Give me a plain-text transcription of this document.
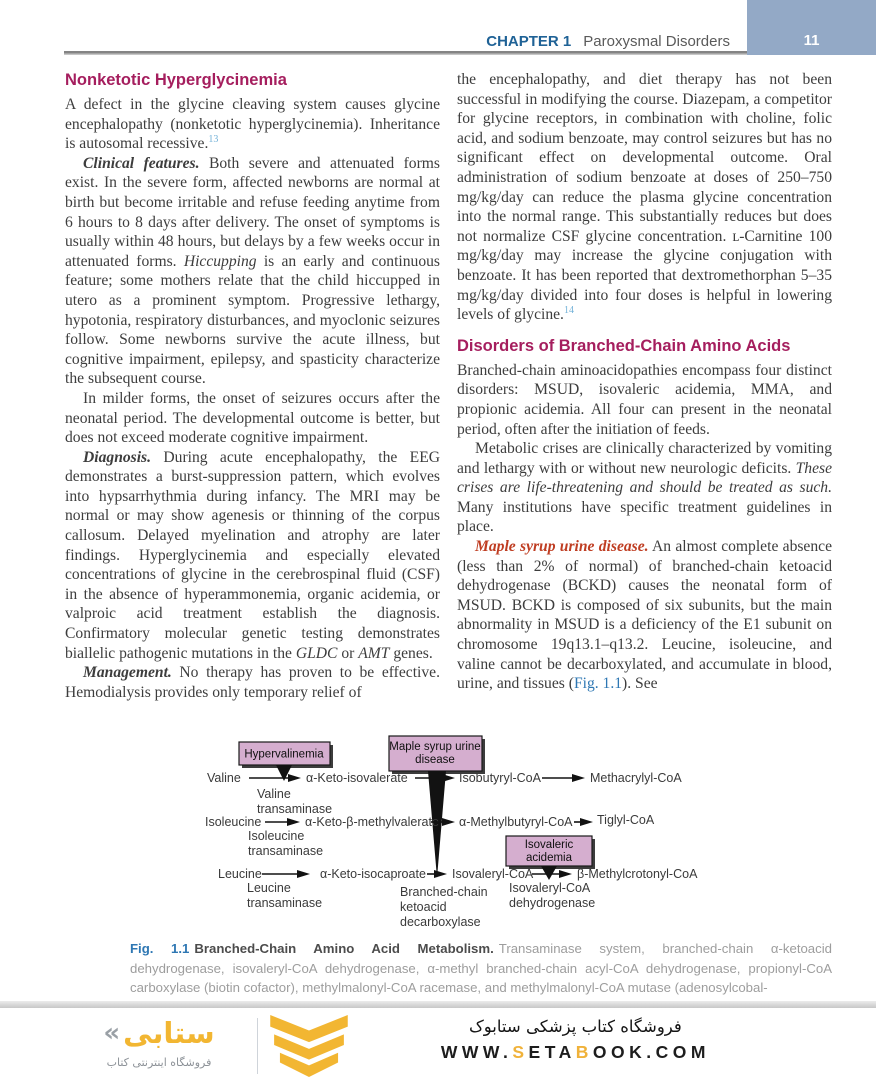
CHAPTER 1 Paroxysmal Disorders	11
Nonketotic Hyperglycinemia

A defect in the glycine cleaving system causes glycine encephalopathy (nonketotic hyperglycinemia). Inheritance is autosomal recessive.$^{13}$

Clinical features. Both severe and attenuated forms exist. In the severe form, affected newborns are normal at birth but become irritable and refuse feeding anytime from 6 hours to 8 days after delivery. The onset of symptoms is usually within 48 hours, but delays by a few weeks occur in attenuated forms. Hiccupping is an early and continuous feature; some mothers relate that the child hiccupped in utero as a prominent symptom. Progressive lethargy, hypotonia, respiratory disturbances, and myoclonic seizures follow. Some newborns survive the acute illness, but cognitive impairment, epilepsy, and spasticity characterize the subsequent course.

In milder forms, the onset of seizures occurs after the neonatal period. The developmental outcome is better, but does not exceed moderate cognitive impairment.

Diagnosis. During acute encephalopathy, the EEG demonstrates a burst-suppression pattern, which evolves into hypsarrhythmia during infancy. The MRI may be normal or may show agenesis or thinning of the corpus callosum. Delayed myelination and atrophy are later findings. Hyperglycinemia and especially elevated concentrations of glycine in the cerebrospinal fluid (CSF) in the absence of hyperammonemia, organic acidemia, or valproic acid treatment establish the diagnosis. Confirmatory molecular genetic testing demonstrates biallelic pathogenic mutations in the GLDC or AMT genes.

Management. No therapy has proven to be effective. Hemodialysis provides only temporary relief of

the encephalopathy, and diet therapy has not been successful in modifying the course. Diazepam, a competitor for glycine receptors, in combination with choline, folic acid, and sodium benzoate, may control seizures but has no significant effect on developmental outcome. Oral administration of sodium benzoate at doses of 250–750 mg/kg/day can reduce the plasma glycine concentration into the normal range. This substantially reduces but does not normalize CSF glycine concentration. ʟ-Carnitine 100 mg/kg/day may increase the glycine conjugation with benzoate. It has been reported that dextromethorphan 5–35 mg/kg/day divided into four doses is helpful in lowering levels of glycine.$^{14}$

Disorders of Branched-Chain Amino Acids

Branched-chain aminoacidopathies encompass four distinct disorders: MSUD, isovaleric acidemia, MMA, and propionic acidemia. All four can present in the neonatal period, often after the initiation of feeds.

Metabolic crises are clinically characterized by vomiting and lethargy with or without new neurologic deficits. These crises are life-threatening and should be treated as such. Many institutions have specific treatment guidelines in place.

Maple syrup urine disease. An almost complete absence (less than 2% of normal) of branched-chain ketoacid dehydrogenase (BCKD) causes the neonatal form of MSUD. BCKD is composed of six subunits, but the main abnormality in MSUD is a deficiency of the E1 subunit on chromosome 19q13.1–q13.2. Leucine, isoleucine, and valine cannot be decarboxylated, and accumulate in blood, urine, and tissues (Fig. 1.1). See

Hypervalinemia
Maple syrup urine
disease
Isovaleric
acidemia
Valine	α-Keto-isovalerate	Isobutyryl-CoA	Methacrylyl-CoA
Valine
transaminase
Isoleucine	α-Keto-β-methylvalerate α-Methylbutyryl-CoA Tiglyl-CoA
Isoleucine
transaminase
Leucine	α-Keto-isocaproate Isovaleryl-CoA	β-Methylcrotonyl-CoA
Leucine
transaminase
Branched-chain
ketoacid
decarboxylase
Isovaleryl-CoA
dehydrogenase
Fig. 1.1 Branched-Chain Amino Acid Metabolism. Transaminase system, branched-chain α-ketoacid dehydrogenase, isovaleryl-CoA dehydrogenase, α-methyl branched-chain acyl-CoA dehydrogenase, propionyl-CoA carboxylase (biotin cofactor), methylmalonyl-CoA racemase, and methylmalonyl-CoA mutase (adenosylcobal-
« ستابی
فروشگاه اینترنتی کتاب
فروشگاه کتاب پزشکی ستابوک
WWW.SETABOOK.COM
